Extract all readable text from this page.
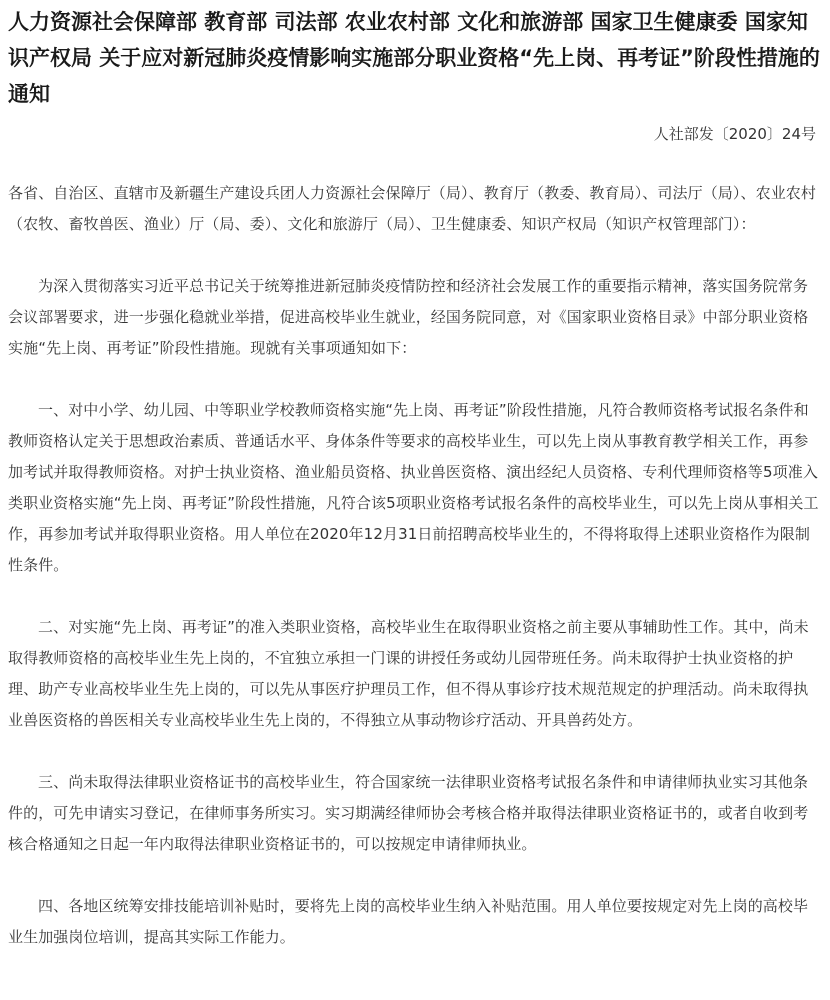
人力资源社会保障部 教育部 司法部 农业农村部 文化和旅游部 国家卫生健康委 国家知识产权局 关于应对新冠肺炎疫情影响实施部分职业资格“先上岗、再考证”阶段性措施的通知
人社部发〔2020〕24号

各省、自治区、直辖市及新疆生产建设兵团人力资源社会保障厅（局）、教育厅（教委、教育局）、司法厅（局）、农业农村（农牧、畜牧兽医、渔业）厅（局、委）、文化和旅游厅（局）、卫生健康委、知识产权局（知识产权管理部门）：

为深入贯彻落实习近平总书记关于统筹推进新冠肺炎疫情防控和经济社会发展工作的重要指示精神，落实国务院常务会议部署要求，进一步强化稳就业举措，促进高校毕业生就业，经国务院同意，对《国家职业资格目录》中部分职业资格实施“先上岗、再考证”阶段性措施。现就有关事项通知如下：

一、对中小学、幼儿园、中等职业学校教师资格实施“先上岗、再考证”阶段性措施，凡符合教师资格考试报名条件和教师资格认定关于思想政治素质、普通话水平、身体条件等要求的高校毕业生，可以先上岗从事教育教学相关工作，再参加考试并取得教师资格。对护士执业资格、渔业船员资格、执业兽医资格、演出经纪人员资格、专利代理师资格等5项准入类职业资格实施“先上岗、再考证”阶段性措施，凡符合该5项职业资格考试报名条件的高校毕业生，可以先上岗从事相关工作，再参加考试并取得职业资格。用人单位在2020年12月31日前招聘高校毕业生的，不得将取得上述职业资格作为限制性条件。

二、对实施“先上岗、再考证”的准入类职业资格，高校毕业生在取得职业资格之前主要从事辅助性工作。其中，尚未取得教师资格的高校毕业生先上岗的，不宜独立承担一门课的讲授任务或幼儿园带班任务。尚未取得护士执业资格的护理、助产专业高校毕业生先上岗的，可以先从事医疗护理员工作，但不得从事诊疗技术规范规定的护理活动。尚未取得执业兽医资格的兽医相关专业高校毕业生先上岗的，不得独立从事动物诊疗活动、开具兽药处方。

三、尚未取得法律职业资格证书的高校毕业生，符合国家统一法律职业资格考试报名条件和申请律师执业实习其他条件的，可先申请实习登记，在律师事务所实习。实习期满经律师协会考核合格并取得法律职业资格证书的，或者自收到考核合格通知之日起一年内取得法律职业资格证书的，可以按规定申请律师执业。

四、各地区统筹安排技能培训补贴时，要将先上岗的高校毕业生纳入补贴范围。用人单位要按规定对先上岗的高校毕业生加强岗位培训，提高其实际工作能力。
